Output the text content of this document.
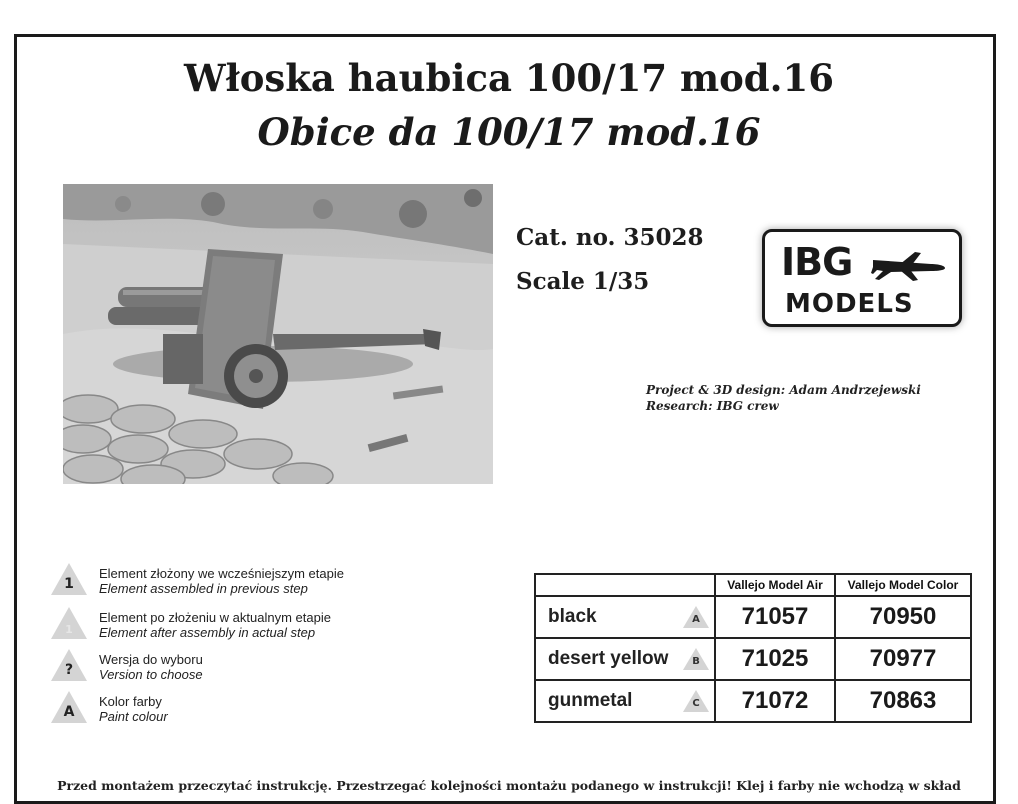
Włoska haubica 100/17 mod.16
Obice da 100/17 mod.16
Cat. no. 35028
Scale 1/35	IBG
MODELS
Project & 3D design: Adam Andrzejewski
Research: IBG crew
1
Element złożony we wcześniejszym etapie
Element assembled in previous step
1
Element po złożeniu w aktualnym etapie
Element after assembly in actual step
?
Wersja do wyboru
Version to choose
A
Kolor farby
Paint colour
	Vallejo Model Air	Vallejo Model Color

black A	71057	70950

desert yellow B	71025	70977

gunmetal C	71072	70863
Przed montażem przeczytać instrukcję. Przestrzegać kolejności montażu podanego w instrukcji! Klej i farby nie wchodzą w skład
